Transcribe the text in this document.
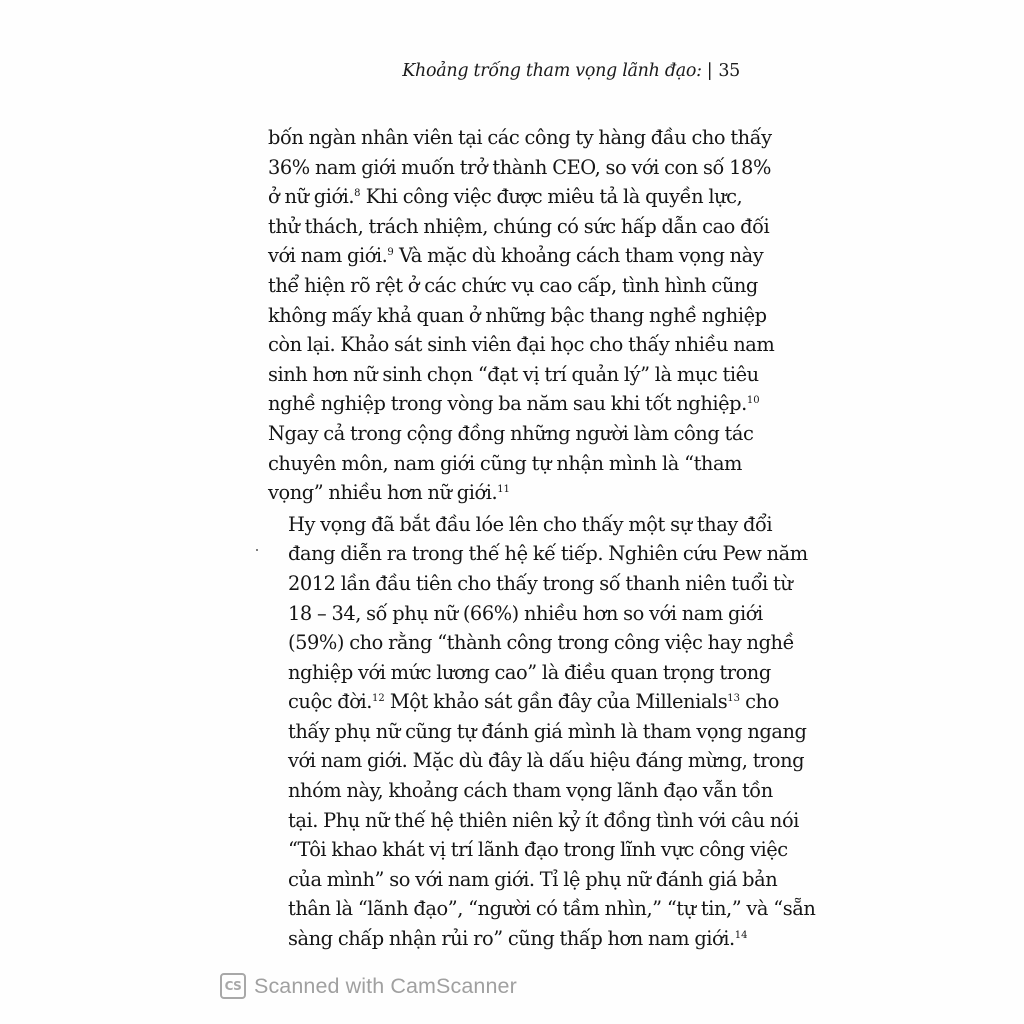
Khoảng trống tham vọng lãnh đạo: | 35

bốn ngàn nhân viên tại các công ty hàng đầu cho thấy
36% nam giới muốn trở thành CEO, so với con số 18%
ở nữ giới.$^8$ Khi công việc được miêu tả là quyền lực,
thử thách, trách nhiệm, chúng có sức hấp dẫn cao đối
với nam giới.$^9$ Và mặc dù khoảng cách tham vọng này
thể hiện rõ rệt ở các chức vụ cao cấp, tình hình cũng
không mấy khả quan ở những bậc thang nghề nghiệp
còn lại. Khảo sát sinh viên đại học cho thấy nhiều nam
sinh hơn nữ sinh chọn “đạt vị trí quản lý” là mục tiêu
nghề nghiệp trong vòng ba năm sau khi tốt nghiệp.$^{10}$
Ngay cả trong cộng đồng những người làm công tác
chuyên môn, nam giới cũng tự nhận mình là “tham
vọng” nhiều hơn nữ giới.$^{11}$

Hy vọng đã bắt đầu lóe lên cho thấy một sự thay đổi
đang diễn ra trong thế hệ kế tiếp. Nghiên cứu Pew năm
2012 lần đầu tiên cho thấy trong số thanh niên tuổi từ
18 – 34, số phụ nữ (66%) nhiều hơn so với nam giới
(59%) cho rằng “thành công trong công việc hay nghề
nghiệp với mức lương cao” là điều quan trọng trong
cuộc đời.$^{12}$ Một khảo sát gần đây của Millenials$^{13}$ cho
thấy phụ nữ cũng tự đánh giá mình là tham vọng ngang
với nam giới. Mặc dù đây là dấu hiệu đáng mừng, trong
nhóm này, khoảng cách tham vọng lãnh đạo vẫn tồn
tại. Phụ nữ thế hệ thiên niên kỷ ít đồng tình với câu nói
“Tôi khao khát vị trí lãnh đạo trong lĩnh vực công việc
của mình” so với nam giới. Tỉ lệ phụ nữ đánh giá bản
thân là “lãnh đạo”, “người có tầm nhìn,” “tự tin,” và “sẵn
sàng chấp nhận rủi ro” cũng thấp hơn nam giới.$^{14}$

CS Scanned with CamScanner
